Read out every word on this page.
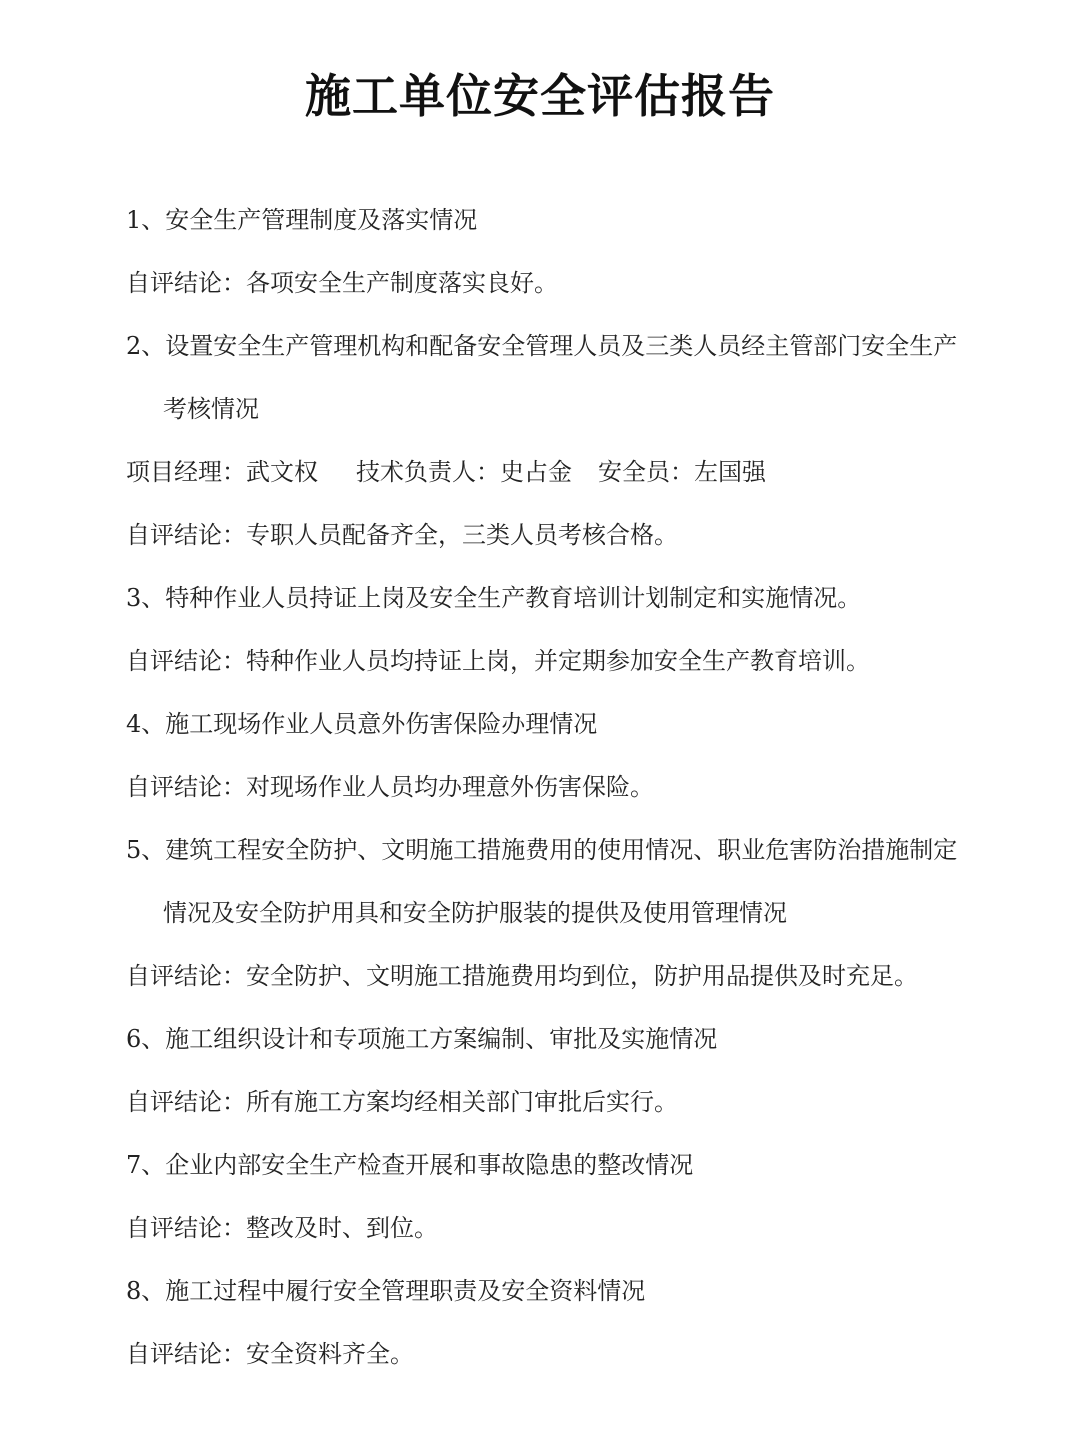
施工单位安全评估报告
1、安全生产管理制度及落实情况
自评结论：各项安全生产制度落实良好。
2、设置安全生产管理机构和配备安全管理人员及三类人员经主管部门安全生产
考核情况
项目经理：武文权 技术负责人：史占金 安全员：左国强
自评结论：专职人员配备齐全，三类人员考核合格。
3、特种作业人员持证上岗及安全生产教育培训计划制定和实施情况。
自评结论：特种作业人员均持证上岗，并定期参加安全生产教育培训。
4、施工现场作业人员意外伤害保险办理情况
自评结论：对现场作业人员均办理意外伤害保险。
5、建筑工程安全防护、文明施工措施费用的使用情况、职业危害防治措施制定
情况及安全防护用具和安全防护服装的提供及使用管理情况
自评结论：安全防护、文明施工措施费用均到位，防护用品提供及时充足。
6、施工组织设计和专项施工方案编制、审批及实施情况
自评结论：所有施工方案均经相关部门审批后实行。
7、企业内部安全生产检查开展和事故隐患的整改情况
自评结论：整改及时、到位。
8、施工过程中履行安全管理职责及安全资料情况
自评结论：安全资料齐全。
